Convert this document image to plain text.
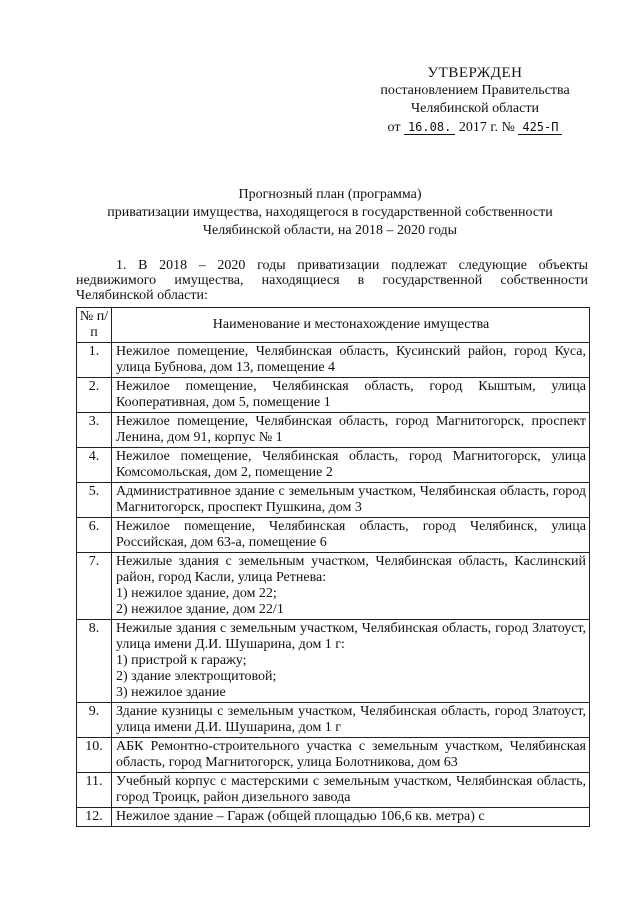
УТВЕРЖДЕН
постановлением Правительства
Челябинской области
от 16.08. 2017 г. № 425-П
Прогнозный план (программа)
приватизации имущества, находящегося в государственной собственности
Челябинской области, на 2018 – 2020 годы
1. В 2018 – 2020 годы приватизации подлежат следующие объекты недвижимого имущества, находящиеся в государственной собственности Челябинской области:
№ п/п	Наименование и местонахождение имущества
1.	Нежилое помещение, Челябинская область, Кусинский район, город Куса, улица Бубнова, дом 13, помещение 4
2.	Нежилое помещение, Челябинская область, город Кыштым, улица Кооперативная, дом 5, помещение 1
3.	Нежилое помещение, Челябинская область, город Магнитогорск, проспект Ленина, дом 91, корпус № 1
4.	Нежилое помещение, Челябинская область, город Магнитогорск, улица Комсомольская, дом 2, помещение 2
5.	Административное здание с земельным участком, Челябинская область, город Магнитогорск, проспект Пушкина, дом 3
6.	Нежилое помещение, Челябинская область, город Челябинск, улица Российская, дом 63-а, помещение 6
7.	Нежилые здания с земельным участком, Челябинская область, Каслинский район, город Касли, улица Ретнева:
1) нежилое здание, дом 22;
2) нежилое здание, дом 22/1

8.	Нежилые здания с земельным участком, Челябинская область, город Златоуст, улица имени Д.И. Шушарина, дом 1 г:
1) пристрой к гаражу;
2) здание электрощитовой;
3) нежилое здание

9.	Здание кузницы с земельным участком, Челябинская область, город Златоуст, улица имени Д.И. Шушарина, дом 1 г
10.	АБК Ремонтно-строительного участка с земельным участком, Челябинская область, город Магнитогорск, улица Болотникова, дом 63
11.	Учебный корпус с мастерскими с земельным участком, Челябинская область, город Троицк, район дизельного завода
12.	Нежилое здание – Гараж (общей площадью 106,6 кв. метра) с
